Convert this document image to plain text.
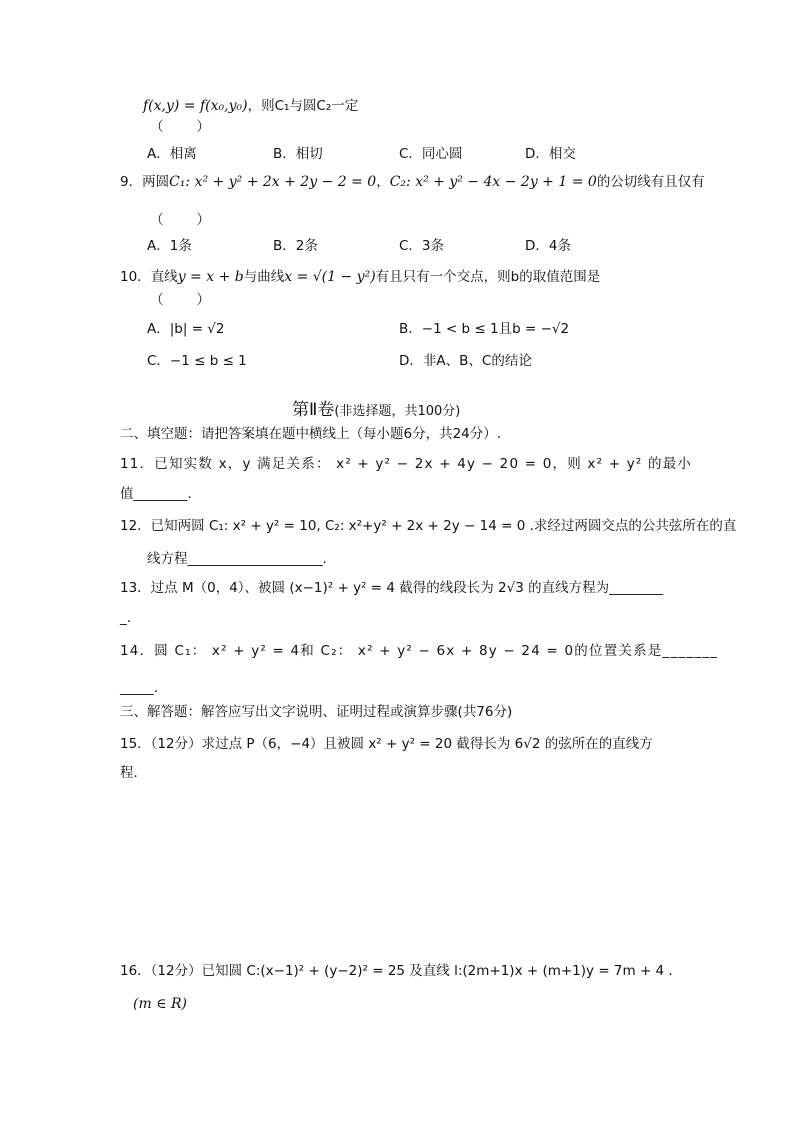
f(x,y) = f(x₀,y₀)，则C₁与圆C₂一定
（　　）
A．相离	B．相切	C．同心圆	D．相交
9．两圆C₁: x² + y² + 2x + 2y − 2 = 0，C₂: x² + y² − 4x − 2y + 1 = 0的公切线有且仅有
（　　）
A．1条	B．2条	C．3条	D．4条
10．直线y = x + b与曲线x = √(1 − y²)有且只有一个交点，则b的取值范围是
（　　）
A．|b| = √2	B．−1 < b ≤ 1且b = −√2
C．−1 ≤ b ≤ 1	D．非A、B、C的结论
第Ⅱ卷(非选择题，共100分)
二、填空题：请把答案填在题中横线上（每小题6分，共24分）.
11．已知实数 x，y 满足关系： x² + y² − 2x + 4y − 20 = 0，则 x² + y² 的最小
值________.
12．已知两圆 C₁: x² + y² = 10, C₂: x²+y² + 2x + 2y − 14 = 0 .求经过两圆交点的公共弦所在的直
线方程____________________.
13．过点 M（0，4）、被圆 (x−1)² + y² = 4 截得的线段长为 2√3 的直线方程为________
_.
14．圆 C₁： x² + y² = 4和 C₂： x² + y² − 6x + 8y − 24 = 0的位置关系是_______
_____.
三、解答题：解答应写出文字说明、证明过程或演算步骤(共76分)
15．（12分）求过点 P（6，−4）且被圆 x² + y² = 20 截得长为 6√2 的弦所在的直线方
程.
16．（12分）已知圆 C:(x−1)² + (y−2)² = 25 及直线 l:(2m+1)x + (m+1)y = 7m + 4 .
(m ∈ R)
